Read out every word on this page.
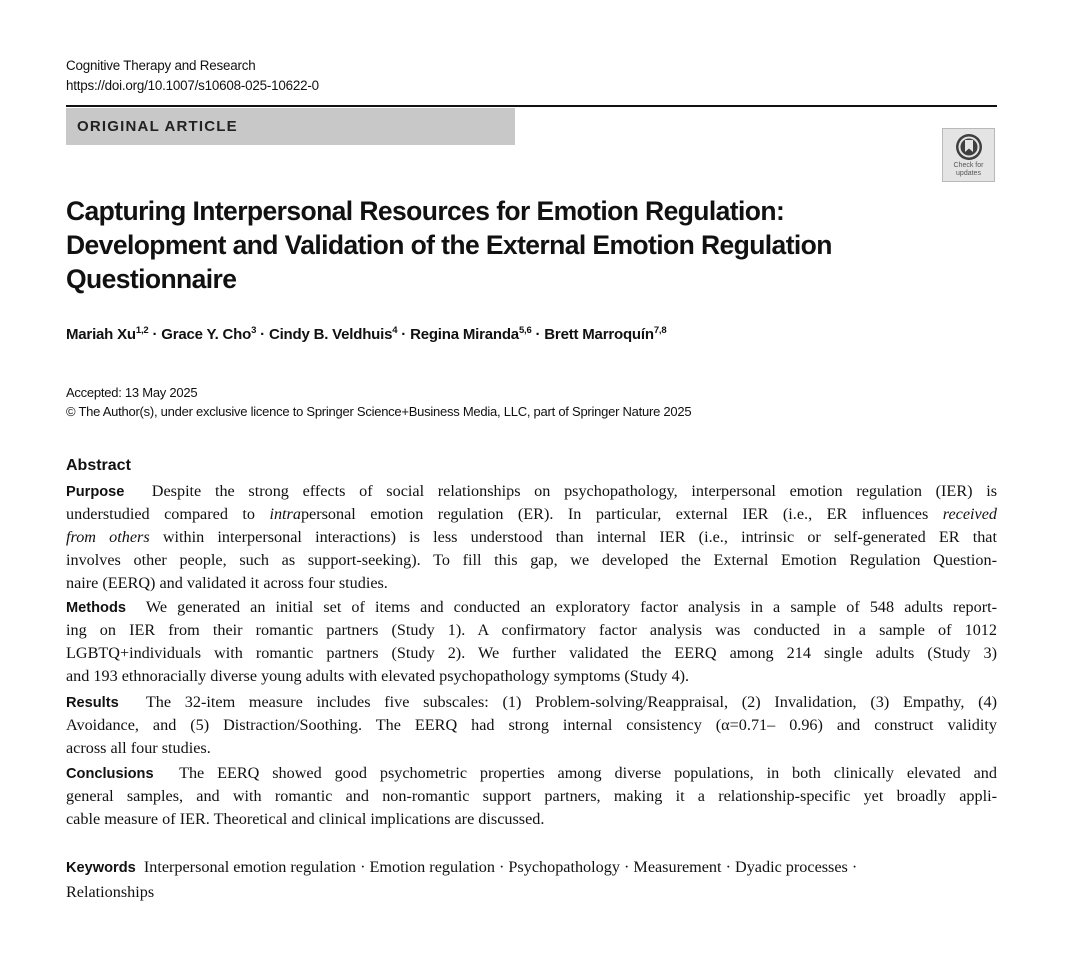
Cognitive Therapy and Research
https://doi.org/10.1007/s10608-025-10622-0
ORIGINAL ARTICLE
Check for
updates
Capturing Interpersonal Resources for Emotion Regulation: Development and Validation of the External Emotion Regulation Questionnaire
Mariah Xu$^{1,2}$ · Grace Y. Cho$^3$ · Cindy B. Veldhuis$^4$ · Regina Miranda$^{5,6}$ · Brett Marroquín$^{7,8}$
Accepted: 13 May 2025
© The Author(s), under exclusive licence to Springer Science+Business Media, LLC, part of Springer Nature 2025
Abstract
Purpose Despite the strong effects of social relationships on psychopathology, interpersonal emotion regulation (IER) is
understudied compared to intrapersonal emotion regulation (ER). In particular, external IER (i.e., ER influences received
from others within interpersonal interactions) is less understood than internal IER (i.e., intrinsic or self-generated ER that
involves other people, such as support-seeking). To fill this gap, we developed the External Emotion Regulation Question-
naire (EERQ) and validated it across four studies.
Methods We generated an initial set of items and conducted an exploratory factor analysis in a sample of 548 adults report-
ing on IER from their romantic partners (Study 1). A confirmatory factor analysis was conducted in a sample of 1012
LGBTQ+individuals with romantic partners (Study 2). We further validated the EERQ among 214 single adults (Study 3)
and 193 ethnoracially diverse young adults with elevated psychopathology symptoms (Study 4).
Results The 32-item measure includes five subscales: (1) Problem-solving/Reappraisal, (2) Invalidation, (3) Empathy, (4)
Avoidance, and (5) Distraction/Soothing. The EERQ had strong internal consistency (α=0.71– 0.96) and construct validity
across all four studies.
Conclusions The EERQ showed good psychometric properties among diverse populations, in both clinically elevated and
general samples, and with romantic and non-romantic support partners, making it a relationship-specific yet broadly appli-
cable measure of IER. Theoretical and clinical implications are discussed.
Keywords Interpersonal emotion regulation · Emotion regulation · Psychopathology · Measurement · Dyadic processes · Relationships
